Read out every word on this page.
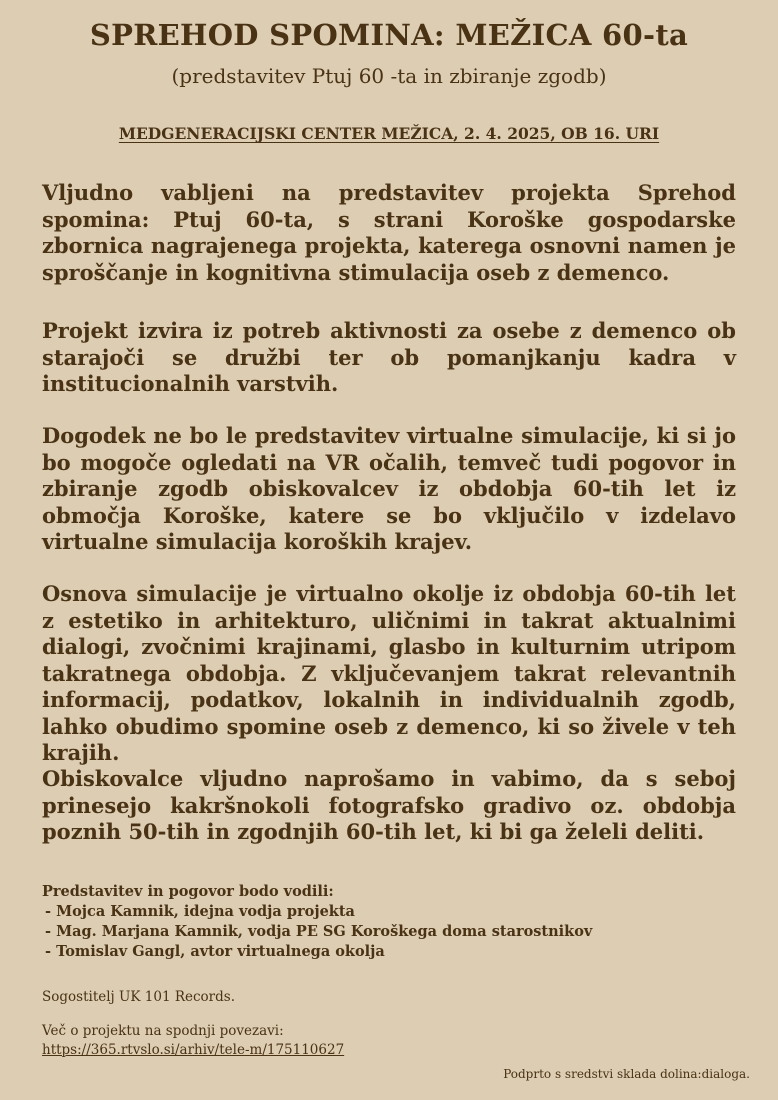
SPREHOD SPOMINA: MEŽICA 60-ta

(predstavitev Ptuj 60 -ta in zbiranje zgodb)

MEDGENERACIJSKI CENTER MEŽICA, 2. 4. 2025, OB 16. URI

Vljudno vabljeni na predstavitev projekta Sprehod spomina: Ptuj 60-ta, s strani Koroške gospodarske zbornica nagrajenega projekta, katerega osnovni namen je sproščanje in kognitivna stimulacija oseb z demenco.

Projekt izvira iz potreb aktivnosti za osebe z demenco ob starajoči se družbi ter ob pomanjkanju kadra v institucionalnih varstvih.

Dogodek ne bo le predstavitev virtualne simulacije, ki si jo bo mogoče ogledati na VR očalih, temveč tudi pogovor in zbiranje zgodb obiskovalcev iz obdobja 60-tih let iz območja Koroške, katere se bo vključilo v izdelavo virtualne simulacija koroških krajev.

Osnova simulacije je virtualno okolje iz obdobja 60-tih let z estetiko in arhitekturo, uličnimi in takrat aktualnimi dialogi, zvočnimi krajinami, glasbo in kulturnim utripom takratnega obdobja. Z vključevanjem takrat relevantnih informacij, podatkov, lokalnih in individualnih zgodb, lahko obudimo spomine oseb z demenco, ki so živele v teh krajih.

Obiskovalce vljudno naprošamo in vabimo, da s seboj prinesejo kakršnokoli fotografsko gradivo oz. obdobja poznih 50-tih in zgodnjih 60-tih let, ki bi ga želeli deliti.

Predstavitev in pogovor bodo vodili:
- Mojca Kamnik, idejna vodja projekta
- Mag. Marjana Kamnik, vodja PE SG Koroškega doma starostnikov
- Tomislav Gangl, avtor virtualnega okolja

Sogostitelj UK 101 Records.

Več o projektu na spodnji povezavi:
https://365.rtvslo.si/arhiv/tele-m/175110627

Podprto s sredstvi sklada dolina:dialoga.
